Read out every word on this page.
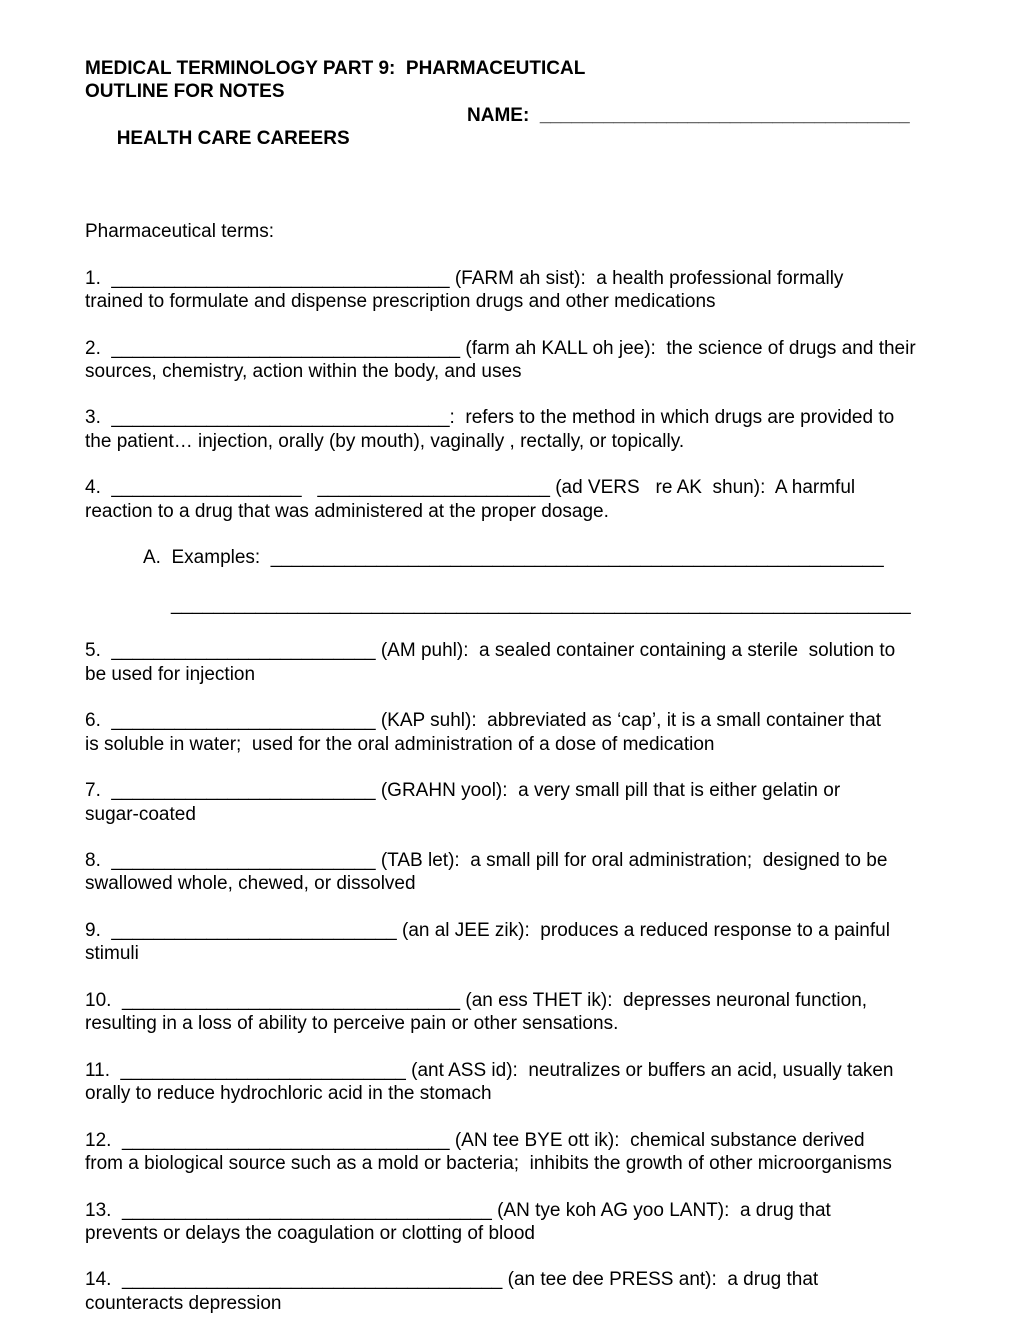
MEDICAL TERMINOLOGY PART 9:  PHARMACEUTICAL
OUTLINE FOR NOTES

HEALTH CARE CAREERS

NAME:  ___________________________________

Pharmaceutical terms:
1.  ________________________________ (FARM ah sist):  a health professional formally
trained to formulate and dispense prescription drugs and other medications
2.  _________________________________ (farm ah KALL oh jee):  the science of drugs and their
sources, chemistry, action within the body, and uses
3.  ________________________________:  refers to the method in which drugs are provided to
the patient… injection, orally (by mouth), vaginally , rectally, or topically.
4.  __________________   ______________________ (ad VERS   re AK  shun):  A harmful
reaction to a drug that was administered at the proper dosage.
A.  Examples:  __________________________________________________________
______________________________________________________________________
5.  _________________________ (AM puhl):  a sealed container containing a sterile  solution to
be used for injection
6.  _________________________ (KAP suhl):  abbreviated as ‘cap’, it is a small container that
is soluble in water;  used for the oral administration of a dose of medication
7.  _________________________ (GRAHN yool):  a very small pill that is either gelatin or
sugar-coated
8.  _________________________ (TAB let):  a small pill for oral administration;  designed to be
swallowed whole, chewed, or dissolved
9.  ___________________________ (an al JEE zik):  produces a reduced response to a painful
stimuli
10.  ________________________________ (an ess THET ik):  depresses neuronal function,
resulting in a loss of ability to perceive pain or other sensations.
11.  ___________________________ (ant ASS id):  neutralizes or buffers an acid, usually taken
orally to reduce hydrochloric acid in the stomach
12.  _______________________________ (AN tee BYE ott ik):  chemical substance derived
from a biological source such as a mold or bacteria;  inhibits the growth of other microorganisms
13.  ___________________________________ (AN tye koh AG yoo LANT):  a drug that
prevents or delays the coagulation or clotting of blood
14.  ____________________________________ (an tee dee PRESS ant):  a drug that
counteracts depression
